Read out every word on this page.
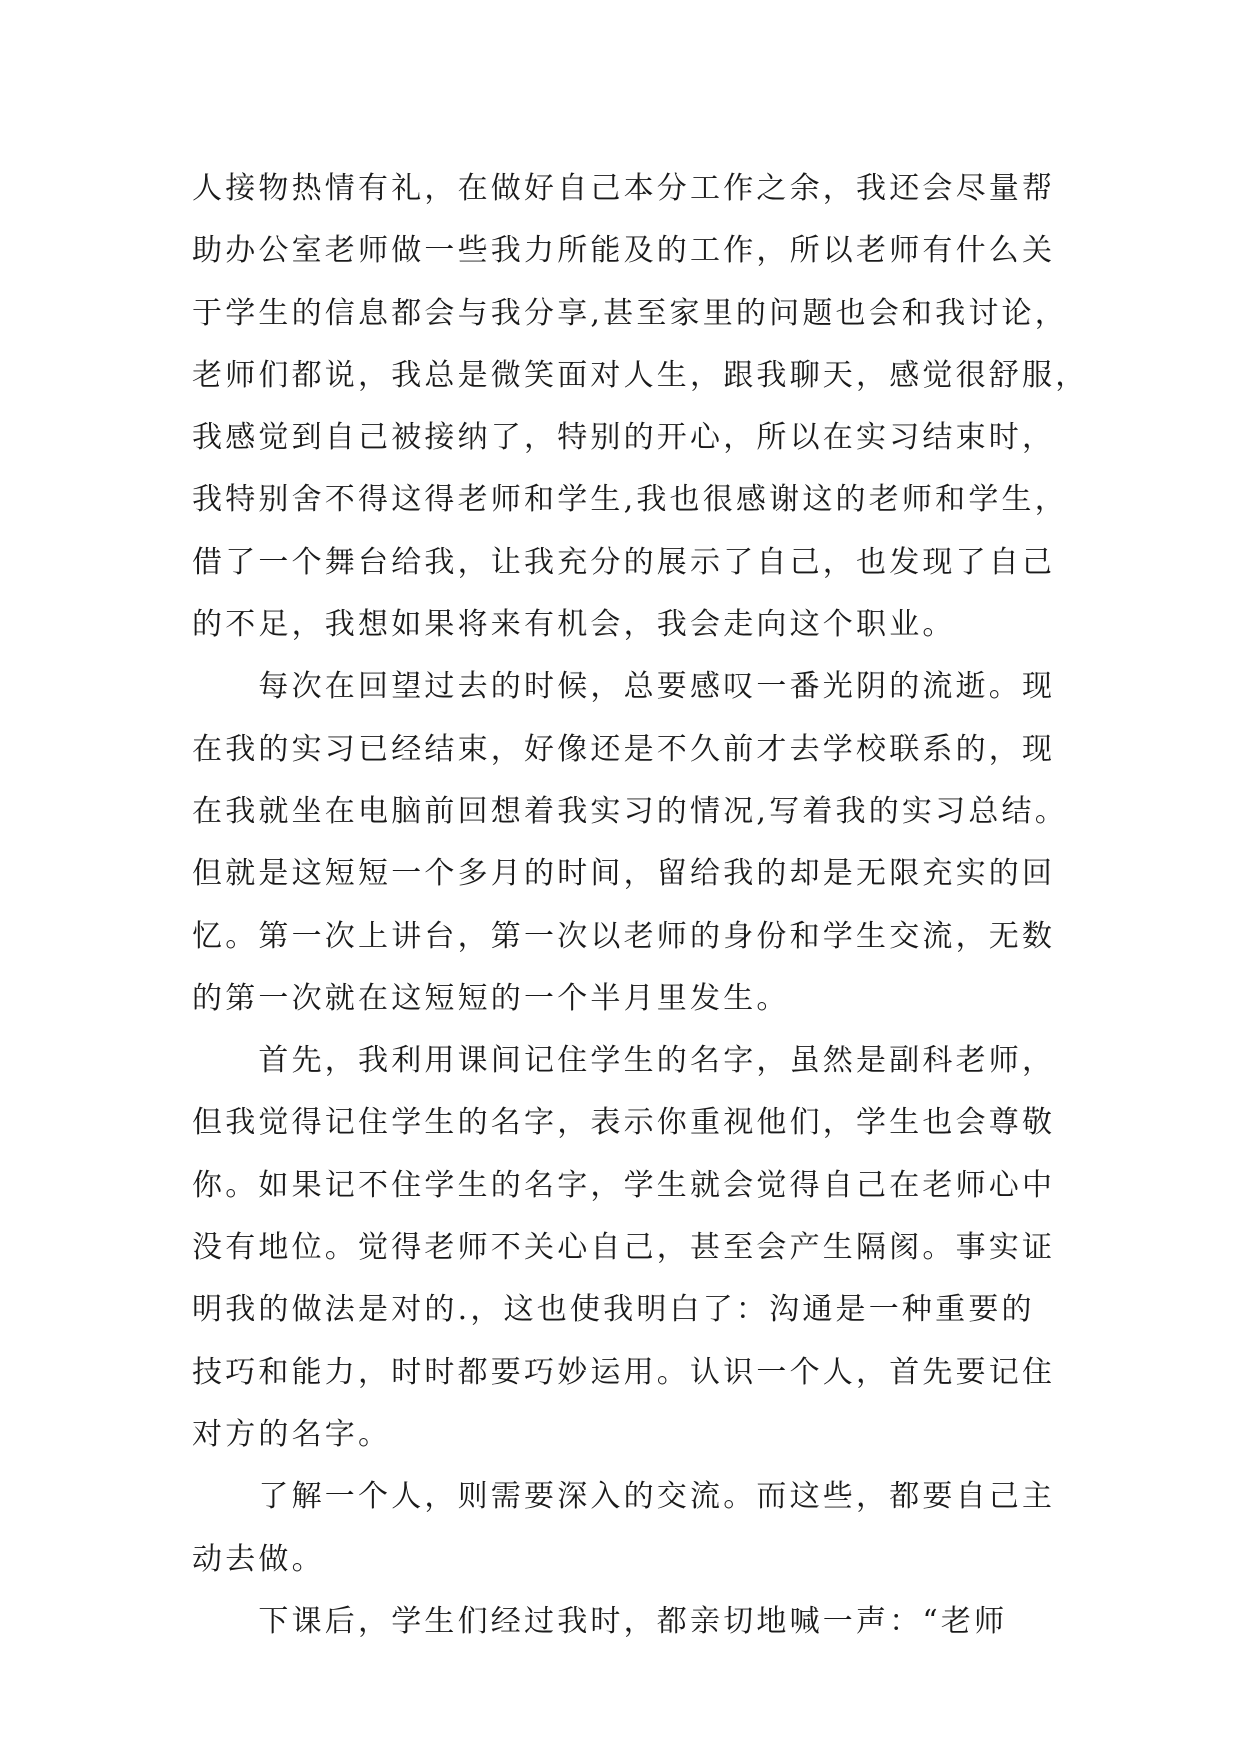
人接物热情有礼，在做好自己本分工作之余，我还会尽量帮
助办公室老师做一些我力所能及的工作，所以老师有什么关
于学生的信息都会与我分享,甚至家里的问题也会和我讨论，
老师们都说，我总是微笑面对人生，跟我聊天，感觉很舒服，
我感觉到自己被接纳了，特别的开心，所以在实习结束时，
我特别舍不得这得老师和学生,我也很感谢这的老师和学生，
借了一个舞台给我，让我充分的展示了自己，也发现了自己
的不足，我想如果将来有机会，我会走向这个职业。
　　每次在回望过去的时候，总要感叹一番光阴的流逝。现
在我的实习已经结束，好像还是不久前才去学校联系的，现
在我就坐在电脑前回想着我实习的情况,写着我的实习总结。
但就是这短短一个多月的时间，留给我的却是无限充实的回
忆。第一次上讲台，第一次以老师的身份和学生交流，无数
的第一次就在这短短的一个半月里发生。
　　首先，我利用课间记住学生的名字，虽然是副科老师，
但我觉得记住学生的名字，表示你重视他们，学生也会尊敬
你。如果记不住学生的名字，学生就会觉得自己在老师心中
没有地位。觉得老师不关心自己，甚至会产生隔阂。事实证
明我的做法是对的.，这也使我明白了：沟通是一种重要的
技巧和能力，时时都要巧妙运用。认识一个人，首先要记住
对方的名字。
　　了解一个人，则需要深入的交流。而这些，都要自己主
动去做。
　　下课后，学生们经过我时，都亲切地喊一声：“老师
